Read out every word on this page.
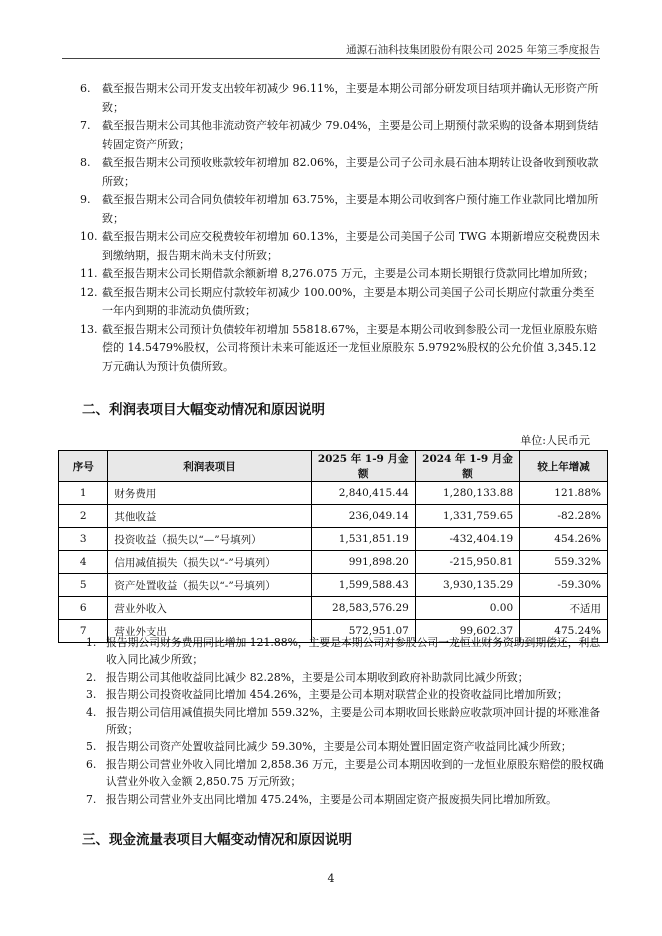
通源石油科技集团股份有限公司 2025 年第三季度报告
6.	截至报告期末公司开发支出较年初减少 96.11%，主要是本期公司部分研发项目结项并确认无形资产所致；
7.	截至报告期末公司其他非流动资产较年初减少 79.04%，主要是公司上期预付款采购的设备本期到货结转固定资产所致；
8.	截至报告期末公司预收账款较年初增加 82.06%，主要是公司子公司永晨石油本期转让设备收到预收款所致；
9.	截至报告期末公司合同负债较年初增加 63.75%，主要是本期公司收到客户预付施工作业款同比增加所致；
10. 截至报告期末公司应交税费较年初增加 60.13%，主要是公司美国子公司 TWG 本期新增应交税费因未到缴纳期，报告期末尚未支付所致；
11. 截至报告期末公司长期借款余额新增 8,276.075 万元，主要是公司本期长期银行贷款同比增加所致；
12. 截至报告期末公司长期应付款较年初减少 100.00%，主要是本期公司美国子公司长期应付款重分类至一年内到期的非流动负债所致；
13. 截至报告期末公司预计负债较年初增加 55818.67%，主要是本期公司收到参股公司一龙恒业原股东赔偿的 14.5479%股权，公司将预计未来可能返还一龙恒业原股东 5.9792%股权的公允价值 3,345.12 万元确认为预计负债所致。
二、利润表项目大幅变动情况和原因说明
单位:人民币元
序号	利润表项目	2025 年 1-9 月金额	2024 年 1-9 月金额	较上年增减
1	财务费用	2,840,415.44	1,280,133.88	121.88%
2	其他收益	236,049.14	1,331,759.65	-82.28%
3	投资收益（损失以“—”号填列）	1,531,851.19	-432,404.19	454.26%
4	信用减值损失（损失以“-”号填列）	991,898.20	-215,950.81	559.32%
5	资产处置收益（损失以“-”号填列）	1,599,588.43	3,930,135.29	-59.30%
6	营业外收入	28,583,576.29	0.00	不适用
7	营业外支出	572,951.07	99,602.37	475.24%
1. 报告期公司财务费用同比增加 121.88%，主要是本期公司对参股公司一龙恒业财务资助到期偿还，利息收入同比减少所致；
2. 报告期公司其他收益同比减少 82.28%，主要是公司本期收到政府补助款同比减少所致；
3. 报告期公司投资收益同比增加 454.26%，主要是公司本期对联营企业的投资收益同比增加所致；
4. 报告期公司信用减值损失同比增加 559.32%，主要是公司本期收回长账龄应收款项冲回计提的坏账准备所致；
5. 报告期公司资产处置收益同比减少 59.30%，主要是公司本期处置旧固定资产收益同比减少所致；
6. 报告期公司营业外收入同比增加 2,858.36 万元，主要是公司本期因收到的一龙恒业原股东赔偿的股权确认营业外收入金额 2,850.75 万元所致；
7. 报告期公司营业外支出同比增加 475.24%，主要是公司本期固定资产报废损失同比增加所致。
三、现金流量表项目大幅变动情况和原因说明
4
